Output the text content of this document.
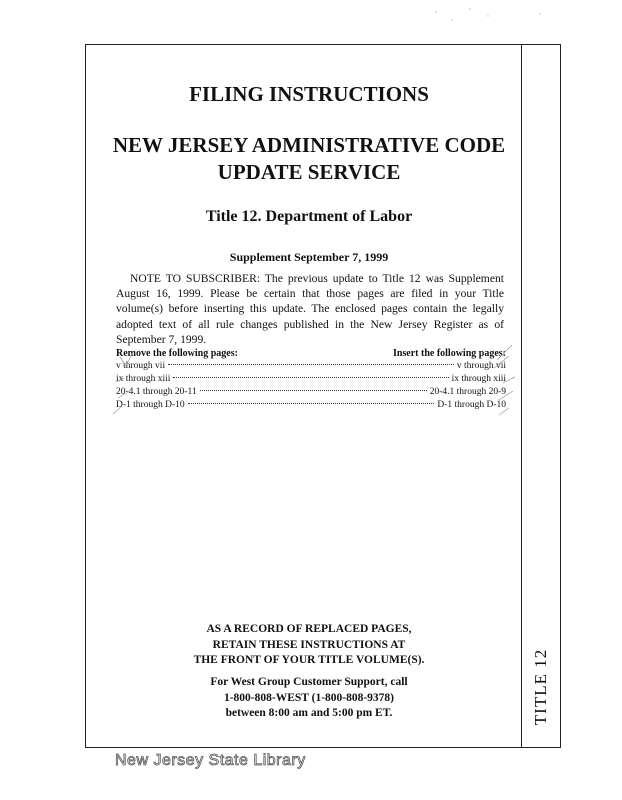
TITLE 12
FILING INSTRUCTIONS
NEW JERSEY ADMINISTRATIVE CODE
UPDATE SERVICE
Title 12. Department of Labor
Supplement September 7, 1999

NOTE TO SUBSCRIBER: The previous update to Title 12 was Supplement August 16, 1999. Please be certain that those pages are filed in your Title volume(s) before inserting this update. The enclosed pages contain the legally adopted text of all rule changes published in the New Jersey Register as of September 7, 1999.

Remove the following pages:	Insert the following pages:
v through vii	v through vii
ix through xiii	ix through xiii
20-4.1 through 20-11	20-4.1 through 20-9
D-1 through D-10	D-1 through D-10
AS A RECORD OF REPLACED PAGES,
RETAIN THESE INSTRUCTIONS AT
THE FRONT OF YOUR TITLE VOLUME(S).
For West Group Customer Support, call
1-800-808-WEST (1-800-808-9378)
between 8:00 am and 5:00 pm ET.
New Jersey State Library
